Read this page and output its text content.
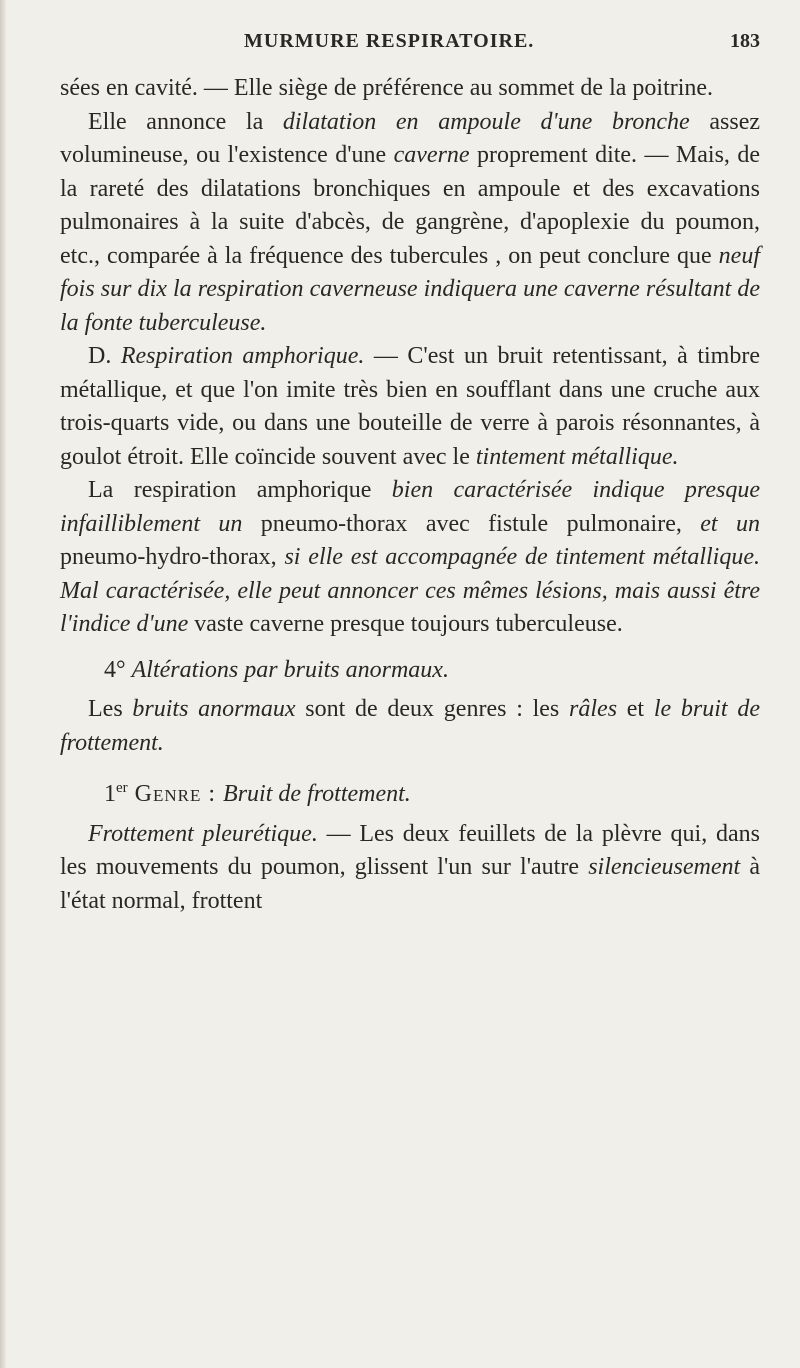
MURMURE RESPIRATOIRE.	183

sées en cavité. — Elle siège de préférence au sommet de la poitrine.

Elle annonce la dilatation en ampoule d'une bronche assez volumineuse, ou l'existence d'une caverne proprement dite. — Mais, de la rareté des dilatations bronchiques en ampoule et des excavations pulmonaires à la suite d'abcès, de gangrène, d'apoplexie du poumon, etc., comparée à la fréquence des tubercules , on peut conclure que neuf fois sur dix la respiration caverneuse indiquera une caverne résultant de la fonte tuberculeuse.

D. Respiration amphorique. — C'est un bruit retentissant, à timbre métallique, et que l'on imite très bien en soufflant dans une cruche aux trois-quarts vide, ou dans une bouteille de verre à parois résonnantes, à goulot étroit. Elle coïncide souvent avec le tintement métallique.

La respiration amphorique bien caractérisée indique presque infailliblement un pneumo-thorax avec fistule pulmonaire, et un pneumo-hydro-thorax, si elle est accompagnée de tintement métallique. Mal caractérisée, elle peut annoncer ces mêmes lésions, mais aussi être l'indice d'une vaste caverne presque toujours tuberculeuse.

4° Altérations par bruits anormaux.

Les bruits anormaux sont de deux genres : les râles et le bruit de frottement.

1er Genre : Bruit de frottement.

Frottement pleurétique. — Les deux feuillets de la plèvre qui, dans les mouvements du poumon, glissent l'un sur l'autre silencieusement à l'état normal, frottent
